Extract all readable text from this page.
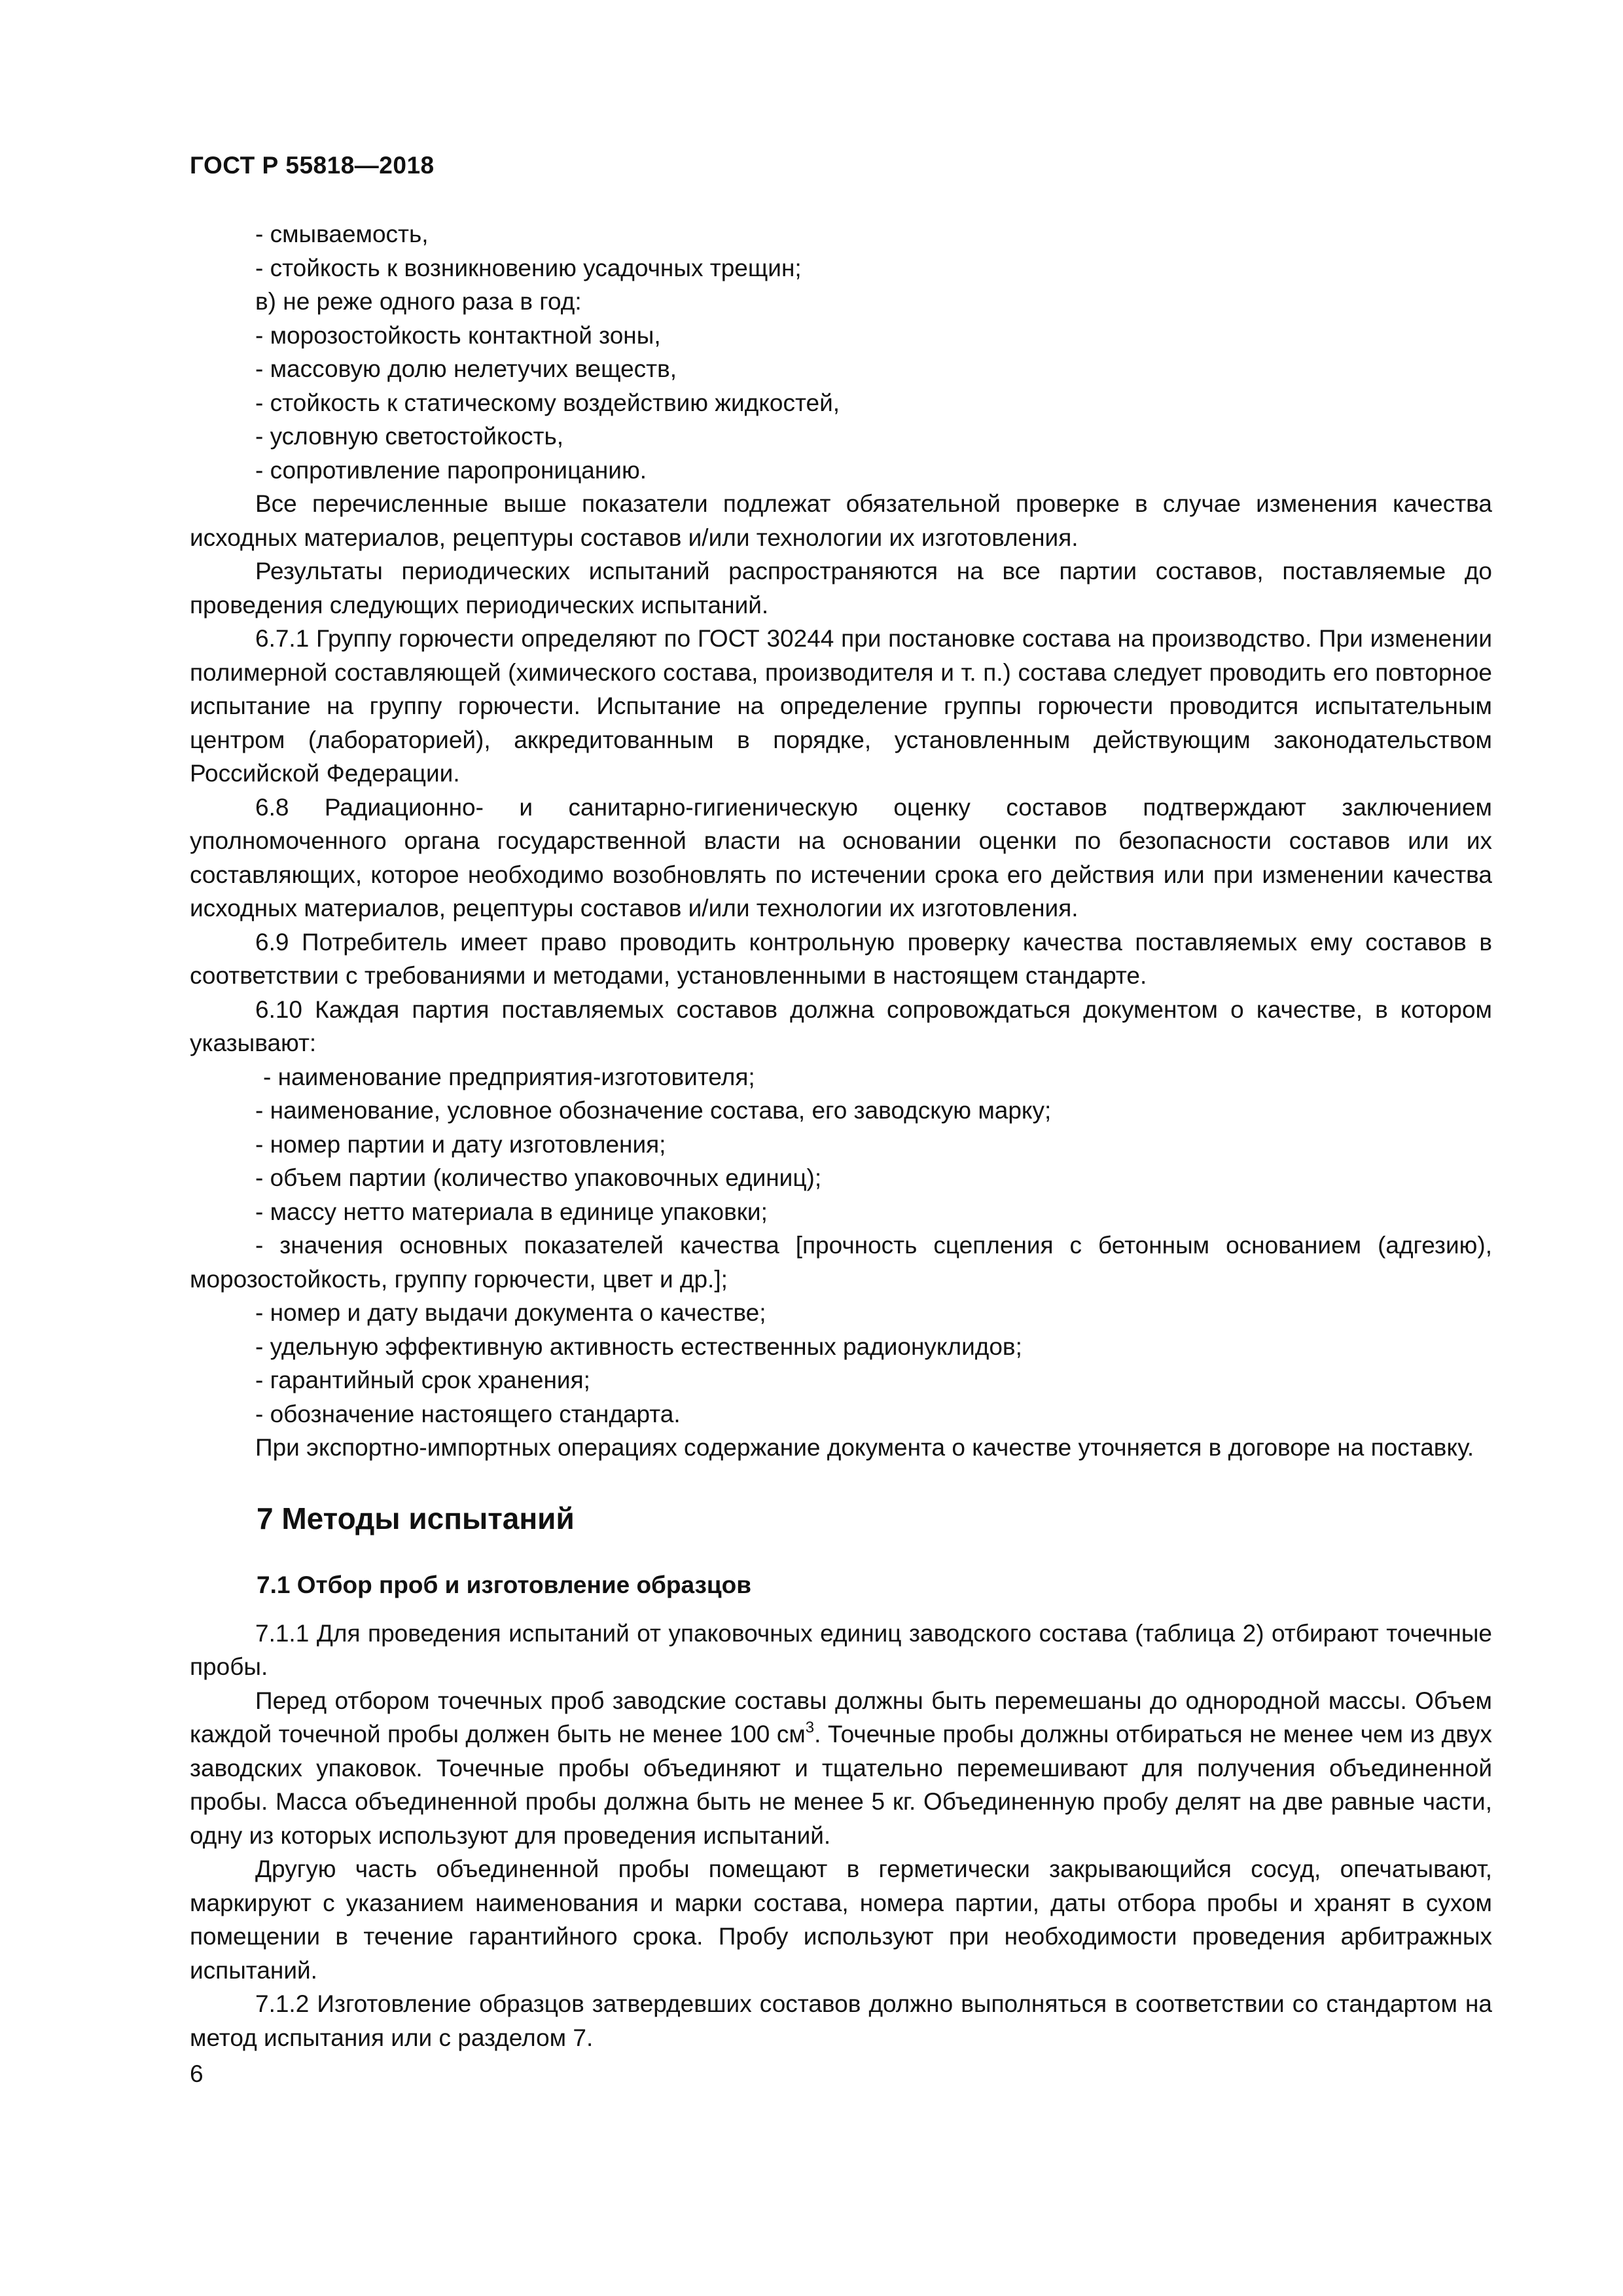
ГОСТ Р 55818—2018
- смываемость,
- стойкость к возникновению усадочных трещин;
в) не реже одного раза в год:
- морозостойкость контактной зоны,
- массовую долю нелетучих веществ,
- стойкость к статическому воздействию жидкостей,
- условную светостойкость,
- сопротивление паропроницанию.
Все перечисленные выше показатели подлежат обязательной проверке в случае изменения качества исходных материалов, рецептуры составов и/или технологии их изготовления.
Результаты периодических испытаний распространяются на все партии составов, поставляемые до проведения следующих периодических испытаний.
6.7.1 Группу горючести определяют по ГОСТ 30244 при постановке состава на производство. При изменении полимерной составляющей (химического состава, производителя и т. п.) состава следует проводить его повторное испытание на группу горючести. Испытание на определение группы горючести проводится испытательным центром (лабораторией), аккредитованным в порядке, установленным действующим законодательством Российской Федерации.
6.8 Радиационно- и санитарно-гигиеническую оценку составов подтверждают заключением уполномоченного органа государственной власти на основании оценки по безопасности составов или их составляющих, которое необходимо возобновлять по истечении срока его действия или при изменении качества исходных материалов, рецептуры составов и/или технологии их изготовления.
6.9 Потребитель имеет право проводить контрольную проверку качества поставляемых ему составов в соответствии с требованиями и методами, установленными в настоящем стандарте.
6.10 Каждая партия поставляемых составов должна сопровождаться документом о качестве, в котором указывают:
- наименование предприятия-изготовителя;
- наименование, условное обозначение состава, его заводскую марку;
- номер партии и дату изготовления;
- объем партии (количество упаковочных единиц);
- массу нетто материала в единице упаковки;
- значения основных показателей качества [прочность сцепления с бетонным основанием (адгезию), морозостойкость, группу горючести, цвет и др.];
- номер и дату выдачи документа о качестве;
- удельную эффективную активность естественных радионуклидов;
- гарантийный срок хранения;
- обозначение настоящего стандарта.
При экспортно-импортных операциях содержание документа о качестве уточняется в договоре на поставку.
7 Методы испытаний
7.1 Отбор проб и изготовление образцов
7.1.1 Для проведения испытаний от упаковочных единиц заводского состава (таблица 2) отбирают точечные пробы.
Перед отбором точечных проб заводские составы должны быть перемешаны до однородной массы. Объем каждой точечной пробы должен быть не менее 100 $см^3$. Точечные пробы должны отбираться не менее чем из двух заводских упаковок. Точечные пробы объединяют и тщательно перемешивают для получения объединенной пробы. Масса объединенной пробы должна быть не менее 5 кг. Объединенную пробу делят на две равные части, одну из которых используют для проведения испытаний.
Другую часть объединенной пробы помещают в герметически закрывающийся сосуд, опечатывают, маркируют с указанием наименования и марки состава, номера партии, даты отбора пробы и хранят в сухом помещении в течение гарантийного срока. Пробу используют при необходимости проведения арбитражных испытаний.
7.1.2 Изготовление образцов затвердевших составов должно выполняться в соответствии со стандартом на метод испытания или с разделом 7.
6
